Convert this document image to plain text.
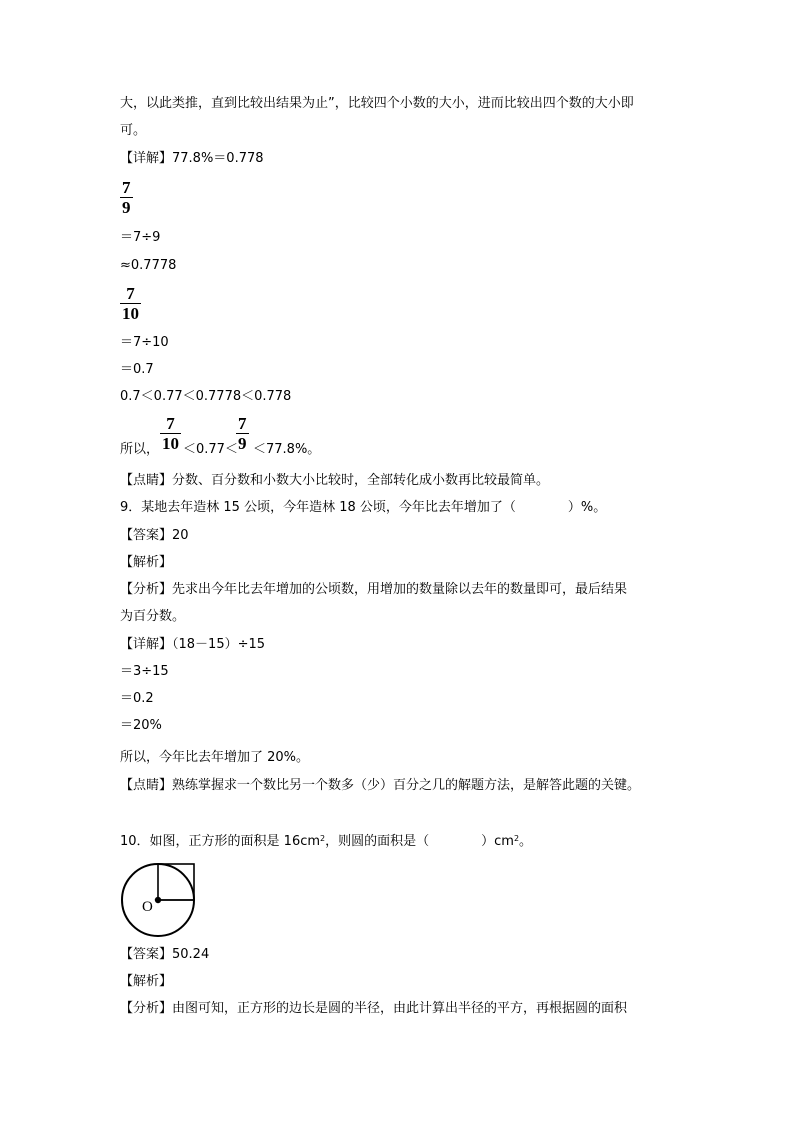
大，以此类推，直到比较出结果为止”，比较四个小数的大小，进而比较出四个数的大小即
可。
【详解】77.8%＝0.778
7
9
＝7÷9
≈0.7778
7
10
＝7÷10
＝0.7
0.7＜0.77＜0.7778＜0.778
所以，
7
10 ＜0.77＜
7
9 ＜77.8%。
【点睛】分数、百分数和小数大小比较时，全部转化成小数再比较最简单。
9．某地去年造林 15 公顷，今年造林 18 公顷，今年比去年增加了（　　　　）%。
【答案】20
【解析】
【分析】先求出今年比去年增加的公顷数，用增加的数量除以去年的数量即可，最后结果
为百分数。
【详解】（18－15）÷15
＝3÷15
＝0.2
＝20%
所以，今年比去年增加了 20%。
【点睛】熟练掌握求一个数比另一个数多（少）百分之几的解题方法，是解答此题的关键。
10．如图，正方形的面积是 $16cm^2$，则圆的面积是（　　　　）$cm^2$。
O
【答案】50.24
【解析】
【分析】由图可知，正方形的边长是圆的半径，由此计算出半径的平方，再根据圆的面积
